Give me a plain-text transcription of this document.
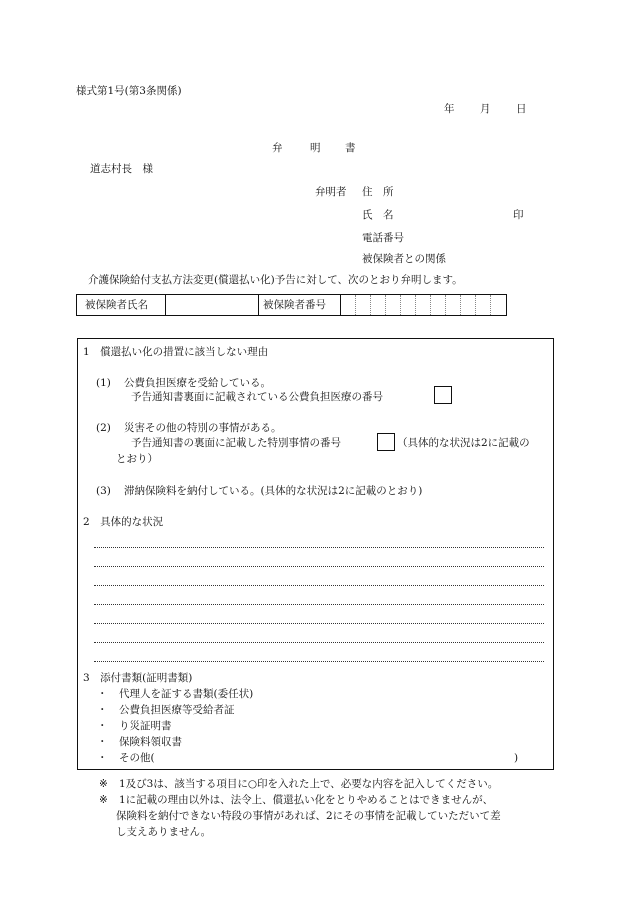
様式第1号(第3条関係)
年 月 日
弁	明 書
道志村長　様
弁明者 住　所
氏　名	印
電話番号
被保険者との関係
介護保険給付支払方法変更(償還払い化)予告に対して、次のとおり弁明します。
被保険者氏名	被保険者番号
1　償還払い化の措置に該当しない理由
(1) 公費負担医療を受給している。
予告通知書裏面に記載されている公費負担医療の番号
(2) 災害その他の特別の事情がある。
予告通知書の裏面に記載した特別事情の番号	（具体的な状況は2に記載の
とおり）
(3) 滞納保険料を納付している。(具体的な状況は2に記載のとおり)
2　具体的な状況
3　添付書類(証明書類)
・ 代理人を証する書類(委任状)
・ 公費負担医療等受給者証
・ り災証明書
・ 保険料領収書
・ その他(	)
※ 1及び3は、該当する項目に○印を入れた上で、必要な内容を記入してください。
※ 1に記載の理由以外は、法令上、償還払い化をとりやめることはできませんが、
保険料を納付できない特段の事情があれば、2にその事情を記載していただいて差
し支えありません。
